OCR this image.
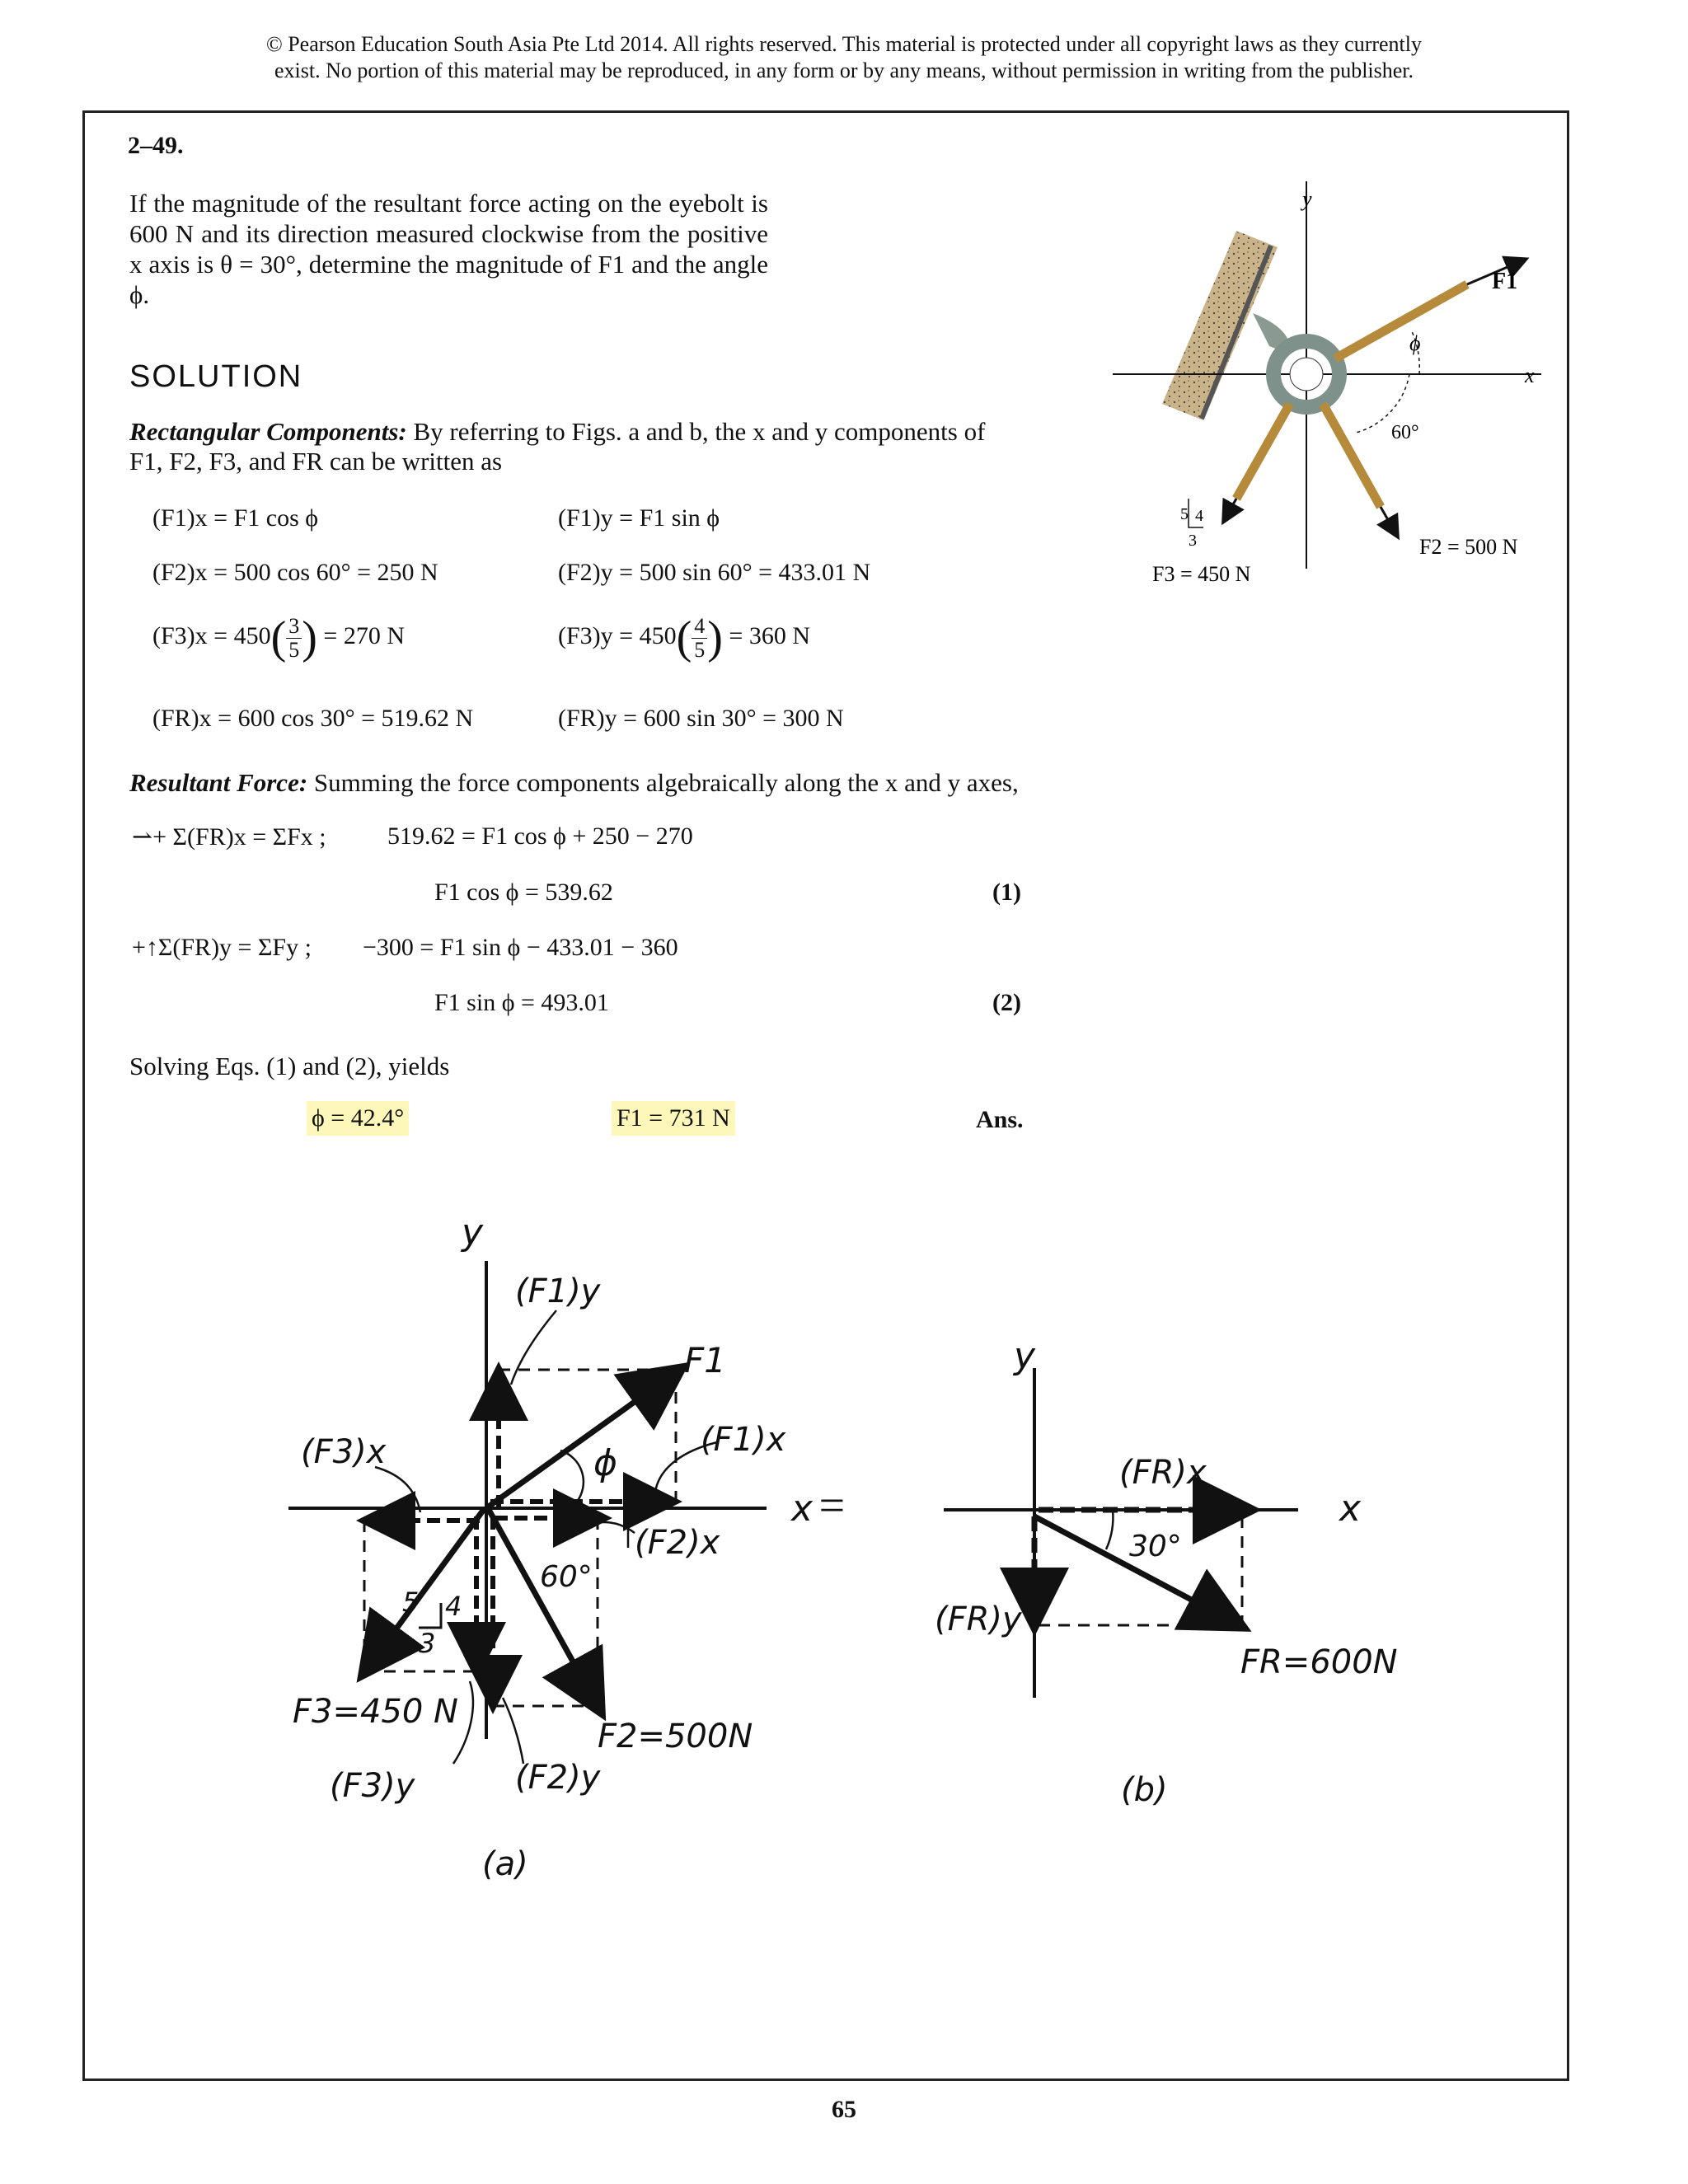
© Pearson Education South Asia Pte Ltd 2014. All rights reserved. This material is protected under all copyright laws as they currently
exist. No portion of this material may be reproduced, in any form or by any means, without permission in writing from the publisher.
2–49.
If the magnitude of the resultant force acting on the eyebolt is 600 N and its direction measured clockwise from the positive x axis is θ = 30°, determine the magnitude of F1 and the angle ϕ.
SOLUTION
Rectangular Components: By referring to Figs. a and b, the x and y components of
F1, F2, F3, and FR can be written as
(F1)x = F1 cos ϕ	(F1)y = F1 sin ϕ
(F2)x = 500 cos 60° = 250 N	(F2)y = 500 sin 60° = 433.01 N
$(F3)x = 450( \frac{3}{5}$ ) = 270 N	$(F3)y = 450( \frac{4}{5}$ ) = 360 N
(FR)x = 600 cos 30° = 519.62 N	(FR)y = 600 sin 30° = 300 N
Resultant Force: Summing the force components algebraically along the x and y axes,
⇀+ Σ(FR)x = ΣFx ; 519.62 = F1 cos ϕ + 250 − 270
F1 cos ϕ = 539.62	(1)
+↑Σ(FR)y = ΣFy ; −300 = F1 sin ϕ − 433.01 − 360
F1 sin ϕ = 493.01	(2)
Solving Eqs. (1) and (2), yields
ϕ = 42.4°	F1 = 731 N	Ans.
y
x
F1
ϕ
60°
F2 = 500 N
F3 = 450 N
5 4
3
y
x =
F1
(F1)y
(F1)x
ϕ
(F3)x
(F2)x
60°
5 4
3
F3=450 N
F2=500N
(F3)y	(F2)y
(a)
y
x
(FR)x
30°
(FR)y
FR=600N
(b)
65
